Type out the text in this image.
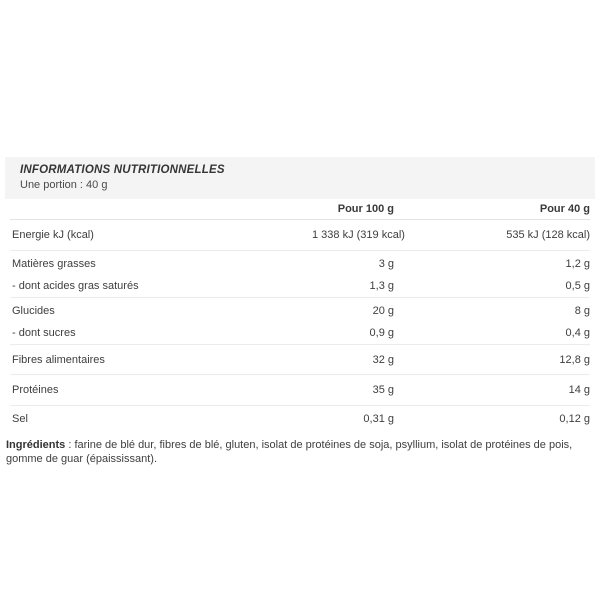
INFORMATIONS NUTRITIONNELLES
Une portion : 40 g
Pour 100 g	Pour 40 g
Energie kJ (kcal)	1 338 kJ (319 kcal)	535 kJ (128 kcal)
Matières grasses	3 g	1,2 g
- dont acides gras saturés	1,3 g	0,5 g
Glucides	20 g	8 g
- dont sucres	0,9 g	0,4 g
Fibres alimentaires	32 g	12,8 g
Protéines	35 g	14 g
Sel	0,31 g	0,12 g
Ingrédients : farine de blé dur, fibres de blé, gluten, isolat de protéines de soja, psyllium, isolat de protéines de pois, gomme de guar (épaississant).
